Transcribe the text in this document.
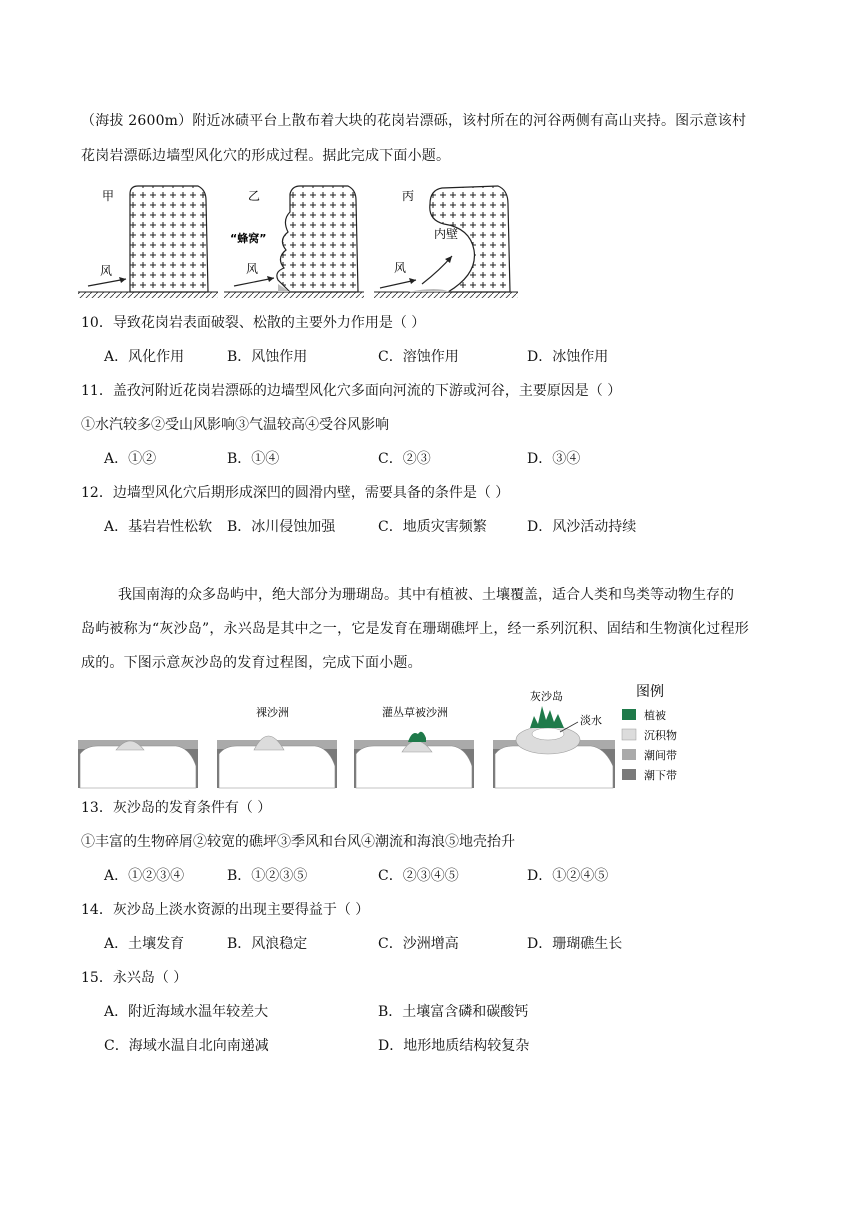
（海拔 2600m）附近冰碛平台上散布着大块的花岗岩漂砾，该村所在的河谷两侧有高山夹持。图示意该村
花岗岩漂砾边墙型风化穴的形成过程。据此完成下面小题。
甲
风
乙
“蜂窝”
风
丙
内壁
风
10．导致花岗岩表面破裂、松散的主要外力作用是（ ）
A．风化作用	B．风蚀作用	C．溶蚀作用	D．冰蚀作用
11．盖孜河附近花岗岩漂砾的边墙型风化穴多面向河流的下游或河谷，主要原因是（ ）
①水汽较多②受山风影响③气温较高④受谷风影响
A．①②	B．①④	C．②③	D．③④
12．边墙型风化穴后期形成深凹的圆滑内壁，需要具备的条件是（ ）
A．基岩岩性松软 B．冰川侵蚀加强	C．地质灾害频繁	D．风沙活动持续
我国南海的众多岛屿中，绝大部分为珊瑚岛。其中有植被、土壤覆盖，适合人类和鸟类等动物生存的
岛屿被称为“灰沙岛”，永兴岛是其中之一，它是发育在珊瑚礁坪上，经一系列沉积、固结和生物演化过程形
成的。下图示意灰沙岛的发育过程图，完成下面小题。
裸沙洲	灌丛草被沙洲
灰沙岛
淡水
图例
植被
沉积物
潮间带
潮下带
13．灰沙岛的发育条件有（ ）
①丰富的生物碎屑②较宽的礁坪③季风和台风④潮流和海浪⑤地壳抬升
A．①②③④	B．①②③⑤	C．②③④⑤	D．①②④⑤
14．灰沙岛上淡水资源的出现主要得益于（ ）
A．土壤发育	B．风浪稳定	C．沙洲增高	D．珊瑚礁生长
15．永兴岛（ ）
A．附近海域水温年较差大	B．土壤富含磷和碳酸钙
C．海域水温自北向南递减	D．地形地质结构较复杂
